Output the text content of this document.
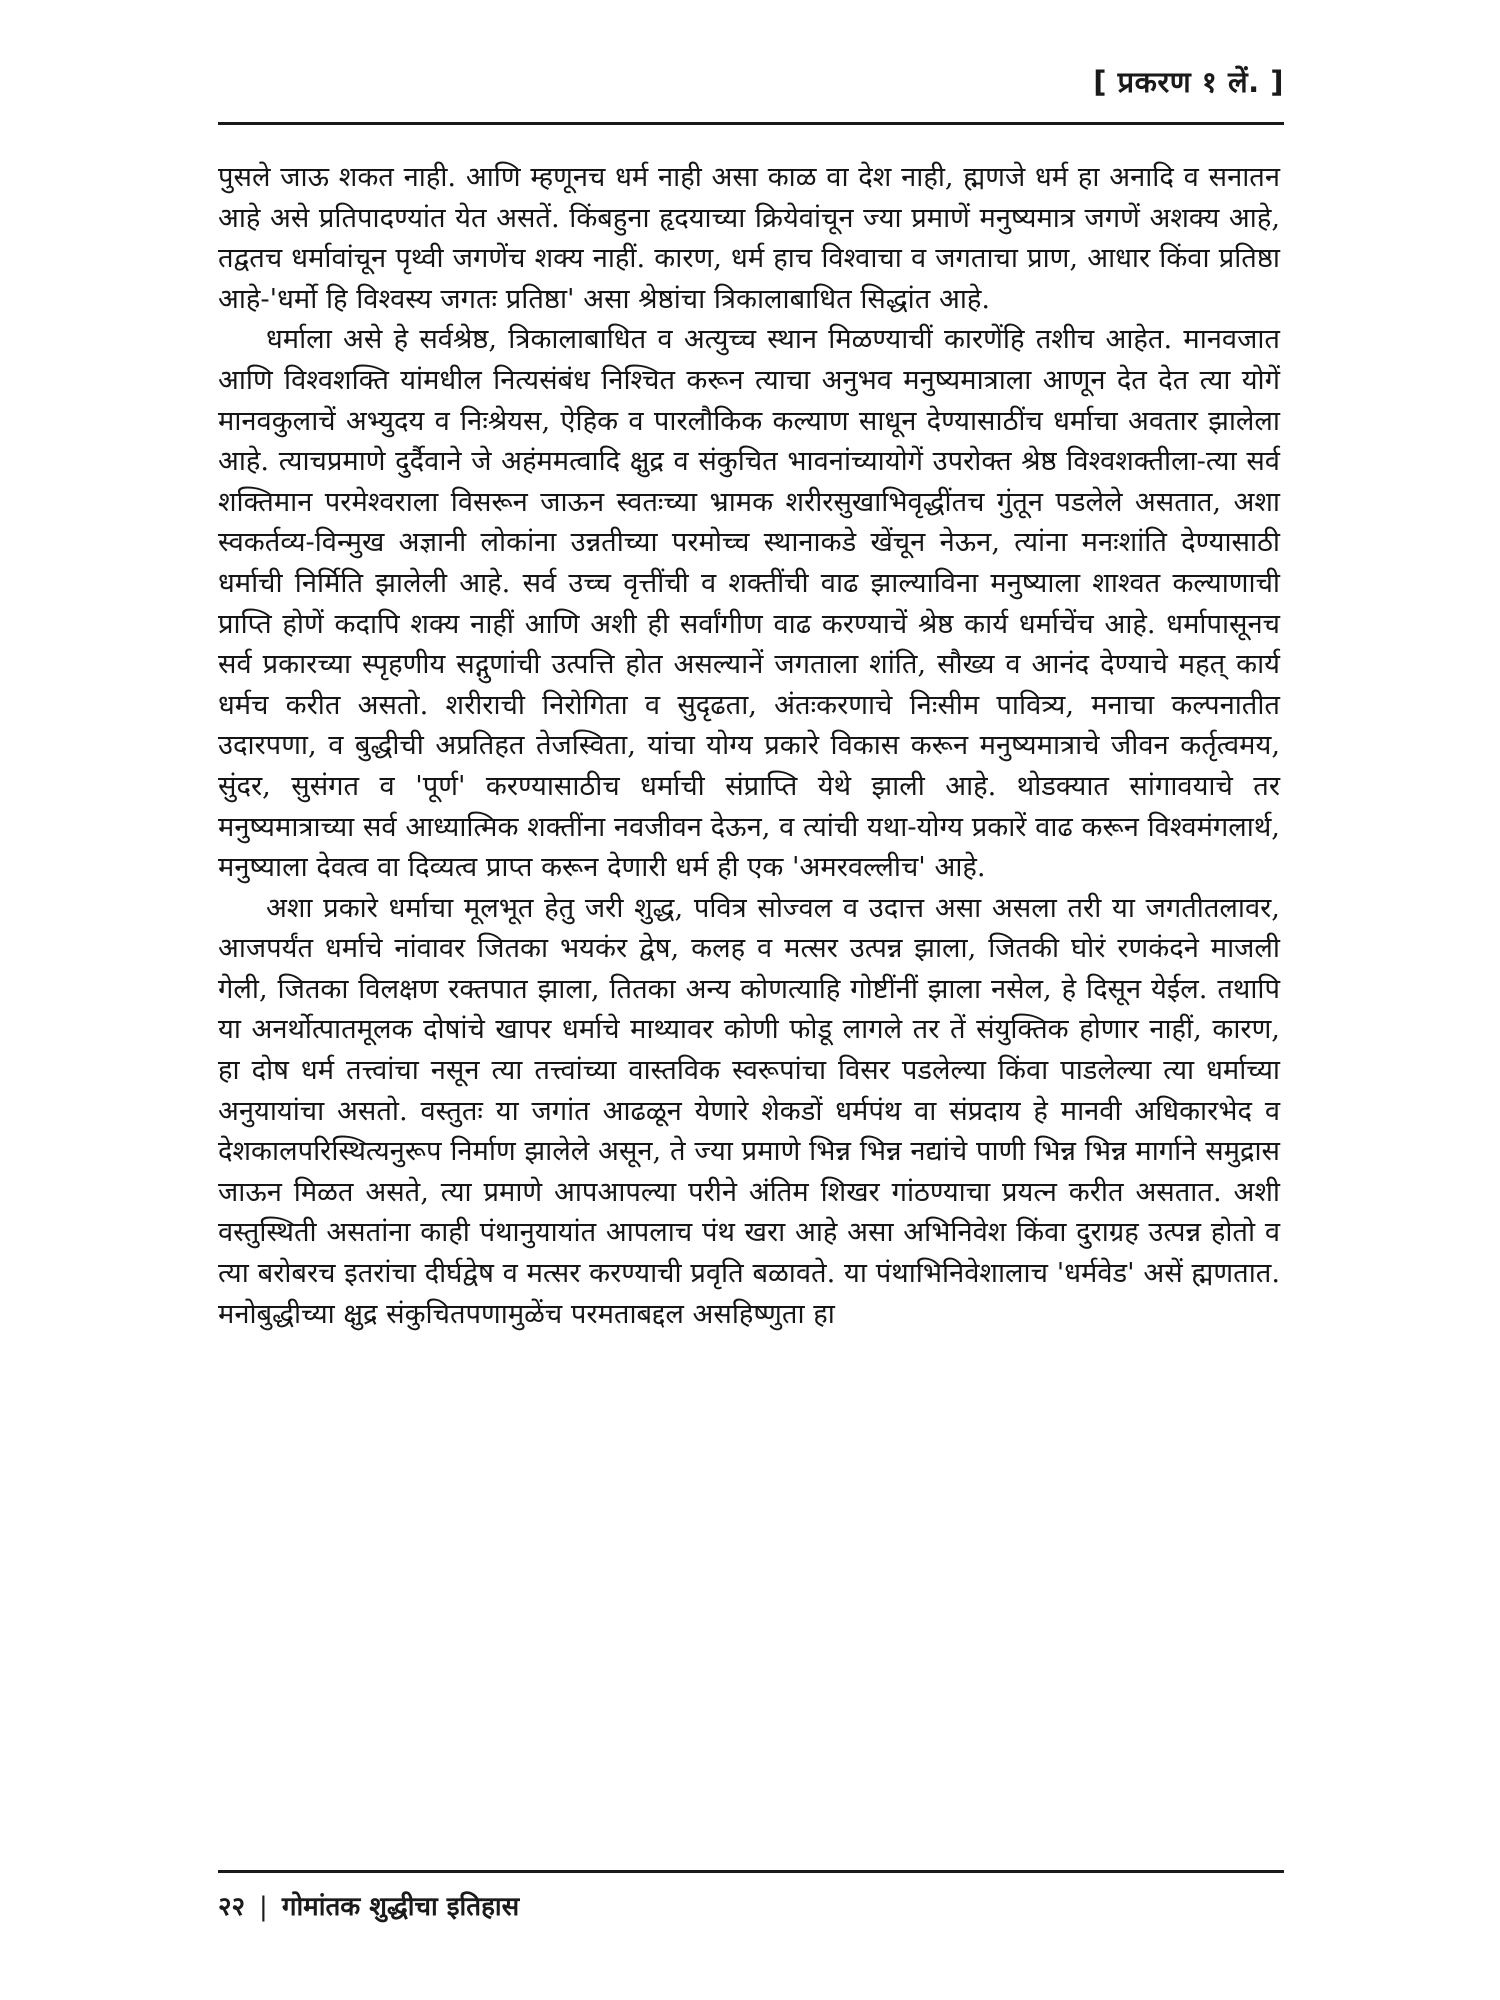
[ प्रकरण १ लें. ]

पुसले जाऊ शकत नाही. आणि म्हणूनच धर्म नाही असा काळ वा देश नाही, ह्मणजे धर्म हा अनादि व सनातन आहे असे प्रतिपादण्यांत येत असतें. किंबहुना हृदयाच्या क्रियेवांचून ज्या प्रमाणें मनुष्यमात्र जगणें अशक्य आहे, तद्वतच धर्मावांचून पृथ्वी जगणेंच शक्य नाहीं. कारण, धर्म हाच विश्वाचा व जगताचा प्राण, आधार किंवा प्रतिष्ठा आहे-'धर्मो हि विश्वस्य जगतः प्रतिष्ठा' असा श्रेष्ठांचा त्रिकालाबाधित सिद्धांत आहे.

धर्माला असे हे सर्वश्रेष्ठ, त्रिकालाबाधित व अत्युच्च स्थान मिळण्याचीं कारणेंहि तशीच आहेत. मानवजात आणि विश्वशक्ति यांमधील नित्यसंबंध निश्चित करून त्याचा अनुभव मनुष्यमात्राला आणून देत देत त्या योगें मानवकुलाचें अभ्युदय व निःश्रेयस, ऐहिक व पारलौकिक कल्याण साधून देण्यासाठींच धर्माचा अवतार झालेला आहे. त्याचप्रमाणे दुर्दैवाने जे अहंममत्वादि क्षुद्र व संकुचित भावनांच्यायोगें उपरोक्त श्रेष्ठ विश्वशक्तीला-त्या सर्व शक्तिमान परमेश्वराला विसरून जाऊन स्वतःच्या भ्रामक शरीरसुखाभिवृद्धींतच गुंतून पडलेले असतात, अशा स्वकर्तव्य-विन्मुख अज्ञानी लोकांना उन्नतीच्या परमोच्च स्थानाकडे खेंचून नेऊन, त्यांना मनःशांति देण्यासाठी धर्माची निर्मिति झालेली आहे. सर्व उच्च वृत्तींची व शक्तींची वाढ झाल्याविना मनुष्याला शाश्वत कल्याणाची प्राप्ति होणें कदापि शक्य नाहीं आणि अशी ही सर्वांगीण वाढ करण्याचें श्रेष्ठ कार्य धर्माचेंच आहे. धर्मापासूनच सर्व प्रकारच्या स्पृहणीय सद्गुणांची उत्पत्ति होत असल्यानें जगताला शांति, सौख्य व आनंद देण्याचे महत् कार्य धर्मच करीत असतो. शरीराची निरोगिता व सुदृढता, अंतःकरणाचे निःसीम पावित्र्य, मनाचा कल्पनातीत उदारपणा, व बुद्धीची अप्रतिहत तेजस्विता, यांचा योग्य प्रकारे विकास करून मनुष्यमात्राचे जीवन कर्तृत्वमय, सुंदर, सुसंगत व 'पूर्ण' करण्यासाठीच धर्माची संप्राप्ति येथे झाली आहे. थोडक्यात सांगावयाचे तर मनुष्यमात्राच्या सर्व आध्यात्मिक शक्तींना नवजीवन देऊन, व त्यांची यथा-योग्य प्रकारें वाढ करून विश्वमंगलार्थ, मनुष्याला देवत्व वा दिव्यत्व प्राप्त करून देणारी धर्म ही एक 'अमरवल्लीच' आहे.

अशा प्रकारे धर्माचा मूलभूत हेतु जरी शुद्ध, पवित्र सोज्वल व उदात्त असा असला तरी या जगतीतलावर, आजपर्यंत धर्माचे नांवावर जितका भयकंर द्वेष, कलह व मत्सर उत्पन्न झाला, जितकी घोरं रणकंदने माजली गेली, जितका विलक्षण रक्तपात झाला, तितका अन्य कोणत्याहि गोष्टींनीं झाला नसेल, हे दिसून येईल. तथापि या अनर्थोत्पातमूलक दोषांचे खापर धर्माचे माथ्यावर कोणी फोडू लागले तर तें संयुक्तिक होणार नाहीं, कारण, हा दोष धर्म तत्त्वांचा नसून त्या तत्त्वांच्या वास्तविक स्वरूपांचा विसर पडलेल्या किंवा पाडलेल्या त्या धर्माच्या अनुयायांचा असतो. वस्तुतः या जगांत आढळून येणारे शेकडों धर्मपंथ वा संप्रदाय हे मानवी अधिकारभेद व देशकालपरिस्थित्यनुरूप निर्माण झालेले असून, ते ज्या प्रमाणे भिन्न भिन्न नद्यांचे पाणी भिन्न भिन्न मार्गाने समुद्रास जाऊन मिळत असते, त्या प्रमाणे आपआपल्या परीने अंतिम शिखर गांठण्याचा प्रयत्न करीत असतात. अशी वस्तुस्थिती असतांना काही पंथानुयायांत आपलाच पंथ खरा आहे असा अभिनिवेश किंवा दुराग्रह उत्पन्न होतो व त्या बरोबरच इतरांचा दीर्घद्वेष व मत्सर करण्याची प्रवृति बळावते. या पंथाभिनिवेशालाच 'धर्मवेड' असें ह्मणतात. मनोबुद्धीच्या क्षुद्र संकुचितपणामुळेंच परमताबद्दल असहिष्णुता हा

२२ | गोमांतक शुद्धीचा इतिहास
